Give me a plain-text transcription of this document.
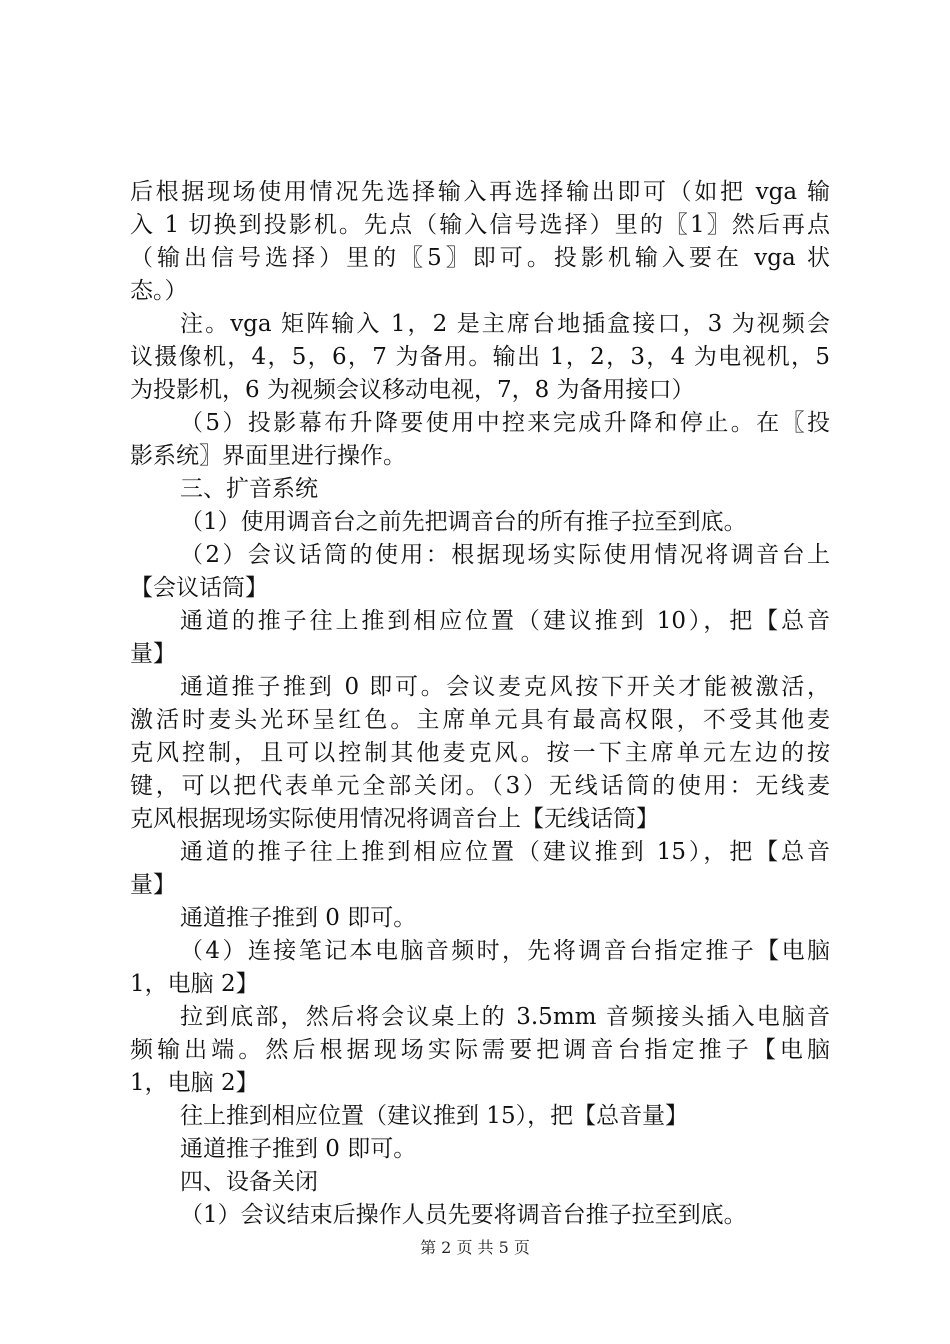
后根据现场使用情况先选择输入再选择输出即可（如把 vga 输
入 1 切换到投影机。先点（输入信号选择）里的〖1〗然后再点
（输出信号选择）里的〖5〗即可。投影机输入要在 vga 状
态。）
注。vga 矩阵输入 1，2 是主席台地插盒接口，3 为视频会
议摄像机，4，5，6，7 为备用。输出 1，2，3，4 为电视机，5
为投影机，6 为视频会议移动电视，7，8 为备用接口）
（5）投影幕布升降要使用中控来完成升降和停止。在〖投
影系统〗界面里进行操作。
三、扩音系统
（1）使用调音台之前先把调音台的所有推子拉至到底。
（2）会议话筒的使用：根据现场实际使用情况将调音台上
【会议话筒】
通道的推子往上推到相应位置（建议推到 10），把【总音
量】
通道推子推到 0 即可。会议麦克风按下开关才能被激活，
激活时麦头光环呈红色。主席单元具有最高权限，不受其他麦
克风控制，且可以控制其他麦克风。按一下主席单元左边的按
键，可以把代表单元全部关闭。（3）无线话筒的使用：无线麦
克风根据现场实际使用情况将调音台上【无线话筒】
通道的推子往上推到相应位置（建议推到 15），把【总音
量】
通道推子推到 0 即可。
（4）连接笔记本电脑音频时，先将调音台指定推子【电脑
1，电脑 2】
拉到底部，然后将会议桌上的 3.5mm 音频接头插入电脑音
频输出端。然后根据现场实际需要把调音台指定推子【电脑
1，电脑 2】
往上推到相应位置（建议推到 15），把【总音量】
通道推子推到 0 即可。
四、设备关闭
（1）会议结束后操作人员先要将调音台推子拉至到底。
第 2 页 共 5 页
